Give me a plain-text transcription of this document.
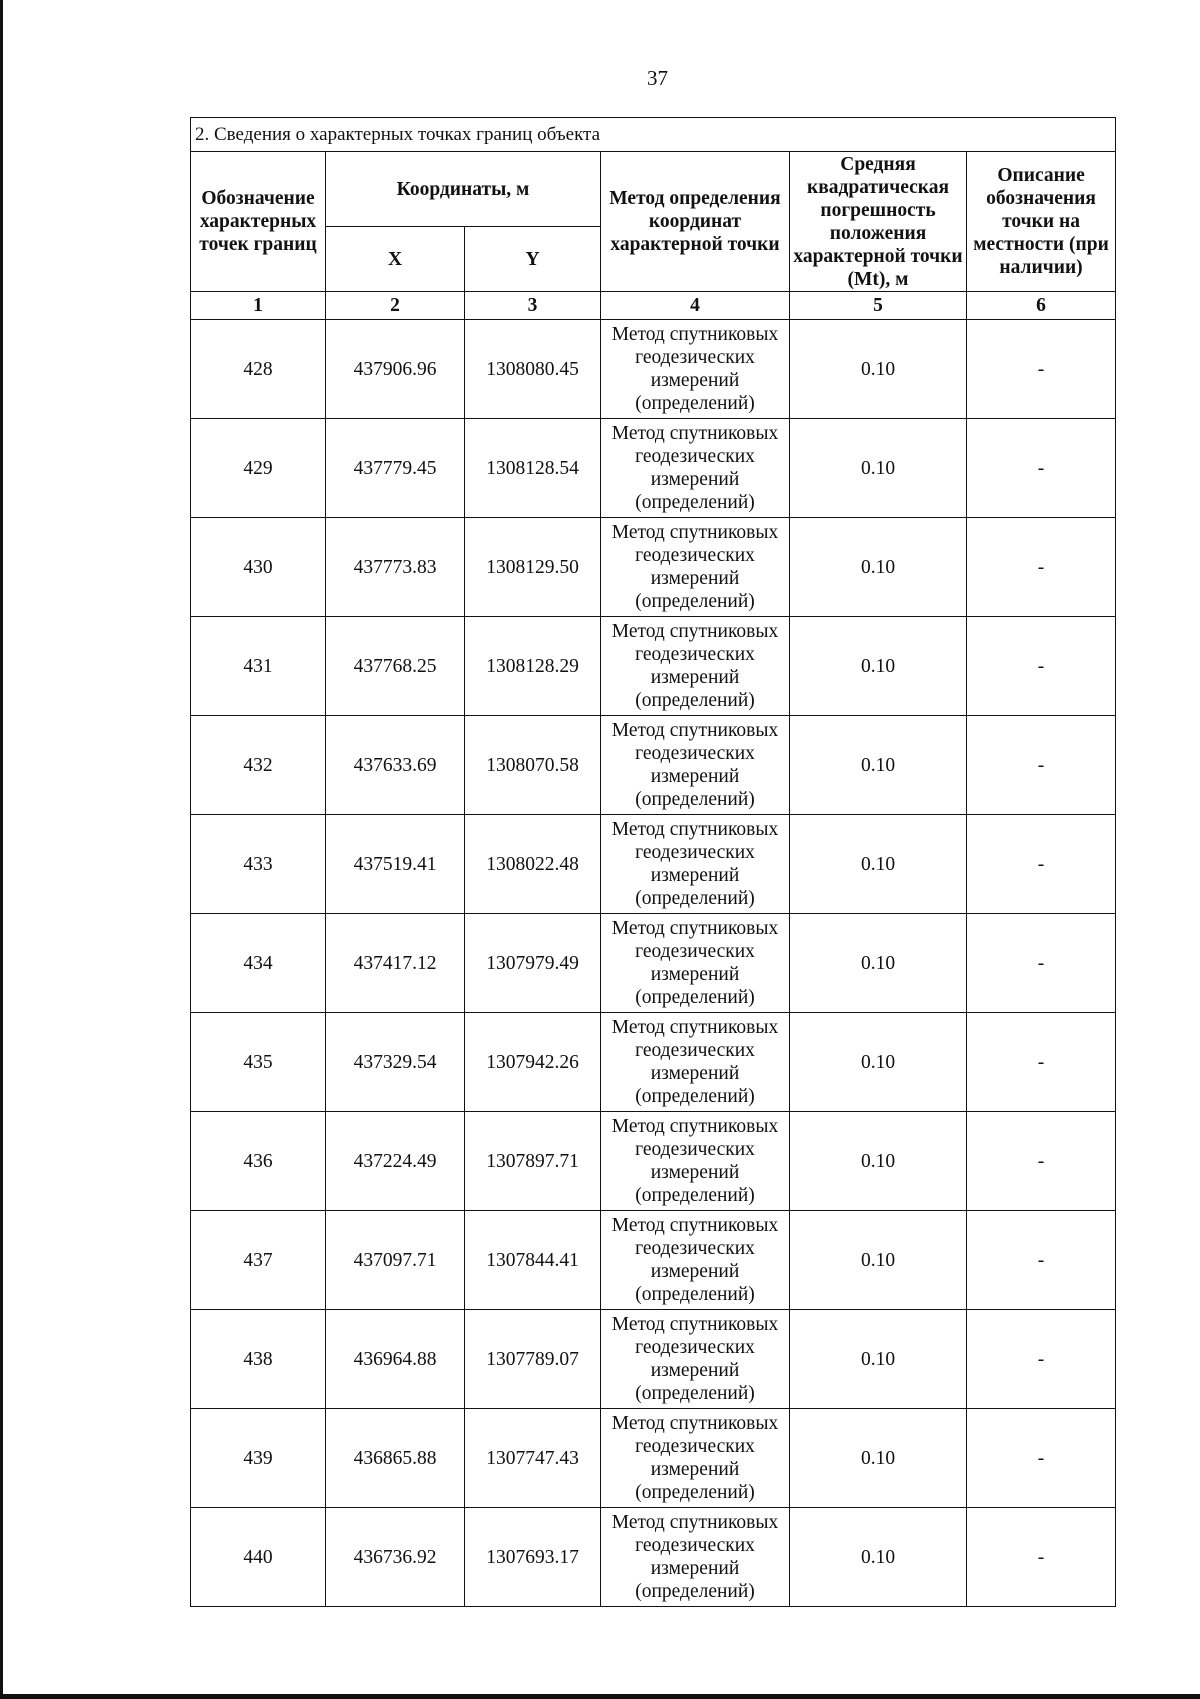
37
2. Сведения о характерных точках границ объекта					
Обозначение характерных точек границ	Координаты, м		Метод определения координат характерной точки	Средняя квадратическая погрешность положения характерной точки (Mt), м	Описание обозначения точки на местности (при наличии)
	X	Y			
1	2	3	4	5	6
428	437906.96	1308080.45	Метод спутниковых геодезических измерений (определений)	0.10	-
429	437779.45	1308128.54	Метод спутниковых геодезических измерений (определений)	0.10	-
430	437773.83	1308129.50	Метод спутниковых геодезических измерений (определений)	0.10	-
431	437768.25	1308128.29	Метод спутниковых геодезических измерений (определений)	0.10	-
432	437633.69	1308070.58	Метод спутниковых геодезических измерений (определений)	0.10	-
433	437519.41	1308022.48	Метод спутниковых геодезических измерений (определений)	0.10	-
434	437417.12	1307979.49	Метод спутниковых геодезических измерений (определений)	0.10	-
435	437329.54	1307942.26	Метод спутниковых геодезических измерений (определений)	0.10	-
436	437224.49	1307897.71	Метод спутниковых геодезических измерений (определений)	0.10	-
437	437097.71	1307844.41	Метод спутниковых геодезических измерений (определений)	0.10	-
438	436964.88	1307789.07	Метод спутниковых геодезических измерений (определений)	0.10	-
439	436865.88	1307747.43	Метод спутниковых геодезических измерений (определений)	0.10	-
440	436736.92	1307693.17	Метод спутниковых геодезических измерений (определений)	0.10	-
